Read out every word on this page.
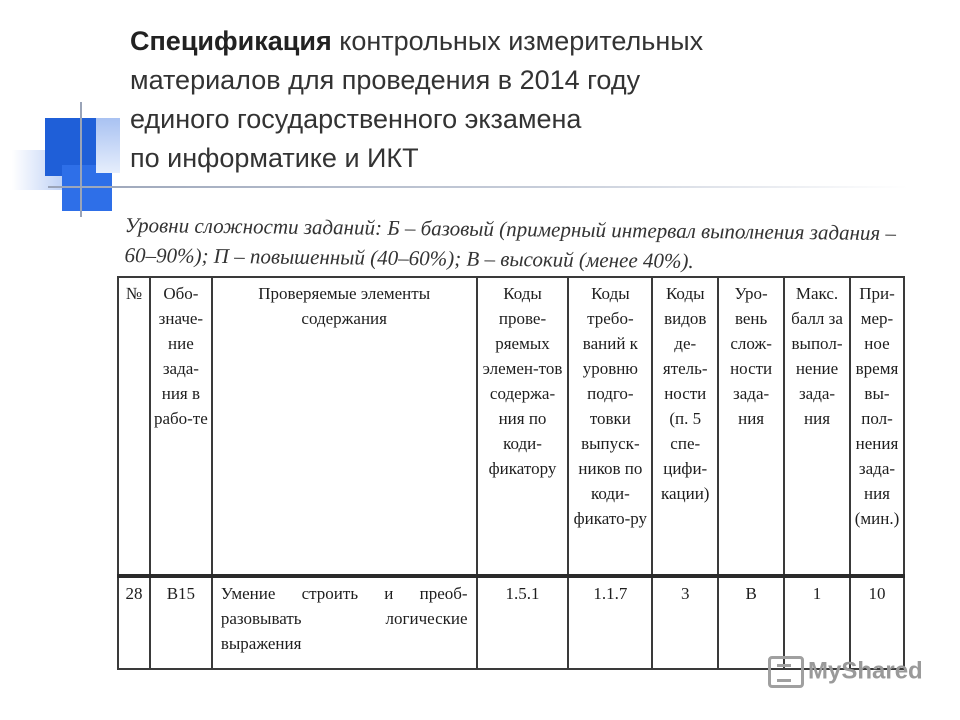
Спецификация контрольных измерительных
материалов для проведения в 2014 году
единого государственного экзамена
по информатике и ИКТ
Уровни сложности заданий: Б – базовый (примерный интервал выполнения задания – 60–90%); П – повышенный (40–60%); В – высокий (менее 40%).
№	Обо-значе-ние зада-ния в рабо-те	Проверяемые элементы содержания	Коды прове-ряемых элемен-тов содержа-ния по коди-фикатору	Коды требо-ваний к уровню подго-товки выпуск-ников по коди-фикато-ру	Коды видов де-ятель-ности (п. 5 спе-цифи-кации)	Уро-вень слож-ности зада-ния	Макс. балл за выпол-нение зада-ния	При-мер-ное время вы-пол-нения зада-ния (мин.)
28	B15	Умение строить и преоб-разовывать логические выражения	1.5.1	1.1.7	3	B	1	10
MyShared
